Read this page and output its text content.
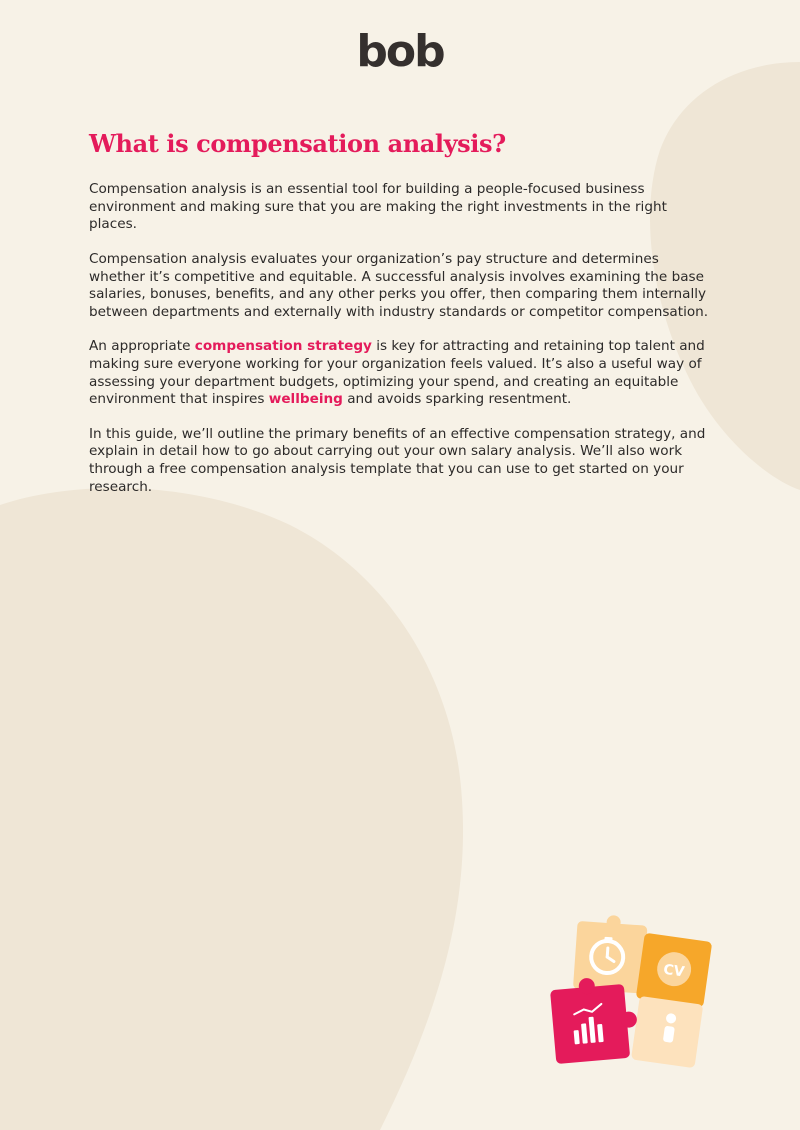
bob
What is compensation analysis?

Compensation analysis is an essential tool for building a people-focused business environment and making sure that you are making the right investments in the right places.

Compensation analysis evaluates your organization’s pay structure and determines whether it’s competitive and equitable. A successful analysis involves examining the base salaries, bonuses, benefits, and any other perks you offer, then comparing them internally between departments and externally with industry standards or competitor compensation.

An appropriate compensation strategy is key for attracting and retaining top talent and making sure everyone working for your organization feels valued. It’s also a useful way of assessing your department budgets, optimizing your spend, and creating an equitable environment that inspires wellbeing and avoids sparking resentment.

In this guide, we’ll outline the primary benefits of an effective compensation strategy, and explain in detail how to go about carrying out your own salary analysis. We’ll also work through a free compensation analysis template that you can use to get started on your research.

CV
